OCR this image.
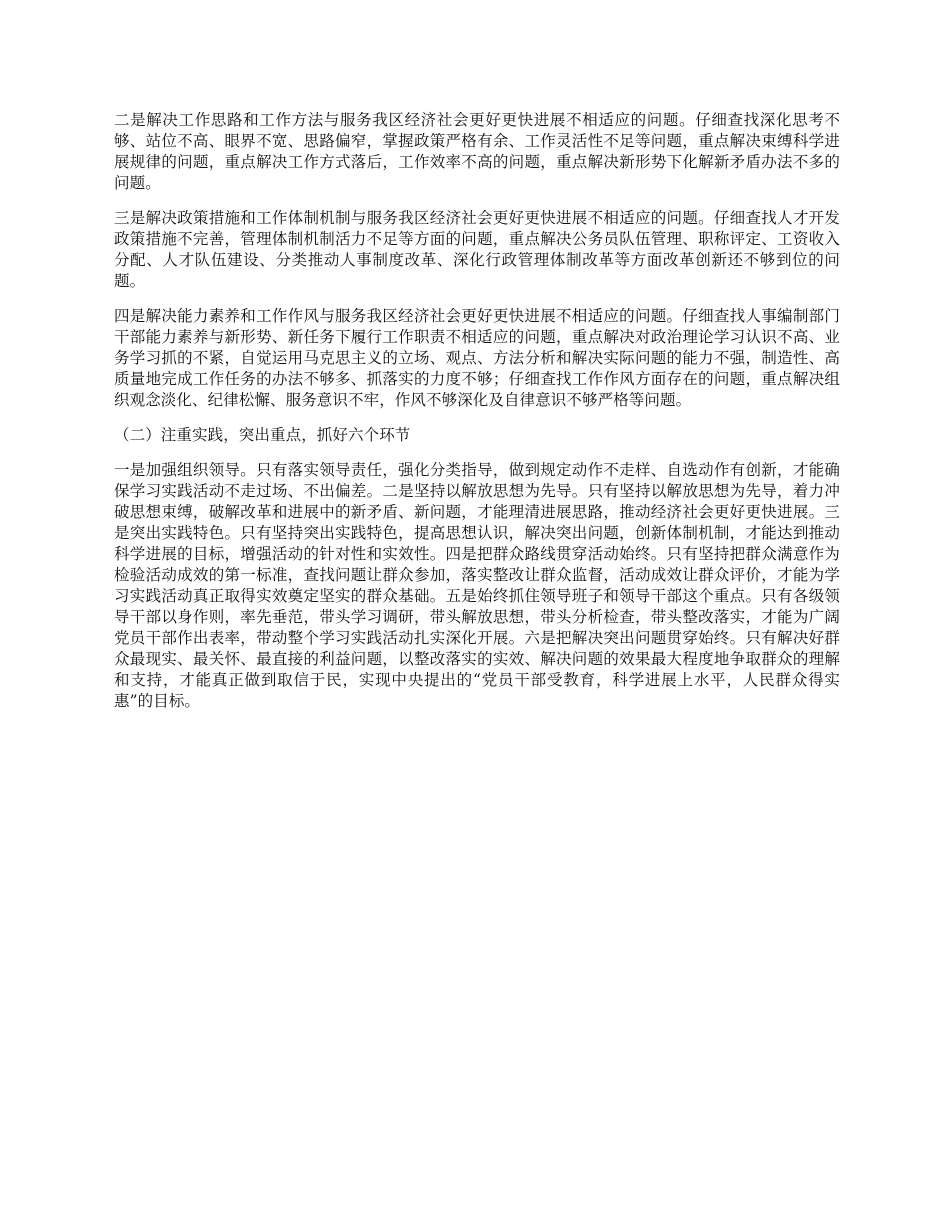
二是解决工作思路和工作方法与服务我区经济社会更好更快进展不相适应的问题。仔细查找深化思考不够、站位不高、眼界不宽、思路偏窄，掌握政策严格有余、工作灵活性不足等问题，重点解决束缚科学进展规律的问题，重点解决工作方式落后，工作效率不高的问题，重点解决新形势下化解新矛盾办法不多的问题。

三是解决政策措施和工作体制机制与服务我区经济社会更好更快进展不相适应的问题。仔细查找人才开发政策措施不完善，管理体制机制活力不足等方面的问题，重点解决公务员队伍管理、职称评定、工资收入分配、人才队伍建设、分类推动人事制度改革、深化行政管理体制改革等方面改革创新还不够到位的问题。

四是解决能力素养和工作作风与服务我区经济社会更好更快进展不相适应的问题。仔细查找人事编制部门干部能力素养与新形势、新任务下履行工作职责不相适应的问题，重点解决对政治理论学习认识不高、业务学习抓的不紧，自觉运用马克思主义的立场、观点、方法分析和解决实际问题的能力不强，制造性、高质量地完成工作任务的办法不够多、抓落实的力度不够；仔细查找工作作风方面存在的问题，重点解决组织观念淡化、纪律松懈、服务意识不牢，作风不够深化及自律意识不够严格等问题。

（二）注重实践，突出重点，抓好六个环节

一是加强组织领导。只有落实领导责任，强化分类指导，做到规定动作不走样、自选动作有创新，才能确保学习实践活动不走过场、不出偏差。二是坚持以解放思想为先导。只有坚持以解放思想为先导，着力冲破思想束缚，破解改革和进展中的新矛盾、新问题，才能理清进展思路，推动经济社会更好更快进展。三是突出实践特色。只有坚持突出实践特色，提高思想认识，解决突出问题，创新体制机制，才能达到推动科学进展的目标，增强活动的针对性和实效性。四是把群众路线贯穿活动始终。只有坚持把群众满意作为检验活动成效的第一标准，查找问题让群众参加，落实整改让群众监督，活动成效让群众评价，才能为学习实践活动真正取得实效奠定坚实的群众基础。五是始终抓住领导班子和领导干部这个重点。只有各级领导干部以身作则，率先垂范，带头学习调研，带头解放思想，带头分析检查，带头整改落实，才能为广阔党员干部作出表率，带动整个学习实践活动扎实深化开展。六是把解决突出问题贯穿始终。只有解决好群众最现实、最关怀、最直接的利益问题，以整改落实的实效、解决问题的效果最大程度地争取群众的理解和支持，才能真正做到取信于民，实现中央提出的“党员干部受教育，科学进展上水平，人民群众得实惠”的目标。
